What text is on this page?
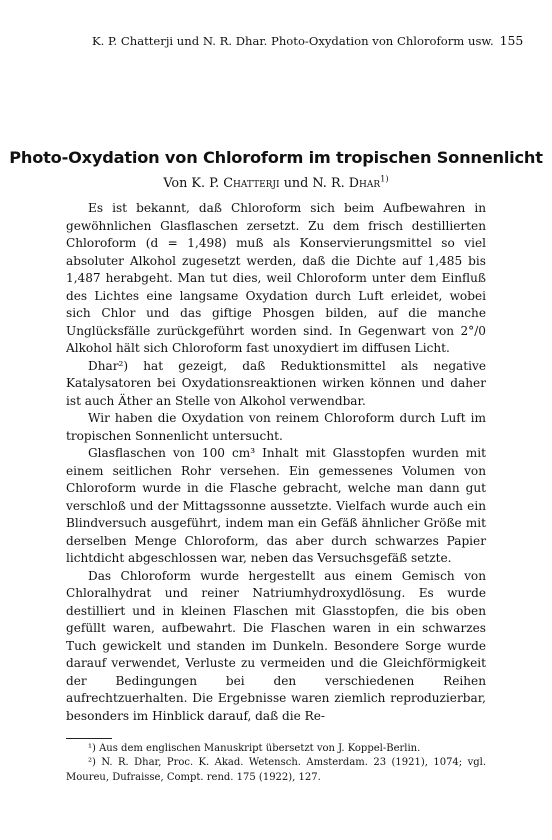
K. P. Chatterji und N. R. Dhar. Photo-Oxydation von Chloroform usw. 155
Photo-Oxydation von Chloroform im tropischen Sonnenlicht
Von K. P. Chatterji und N. R. Dhar$^{1)}$

Es ist bekannt, daß Chloroform sich beim Aufbewahren in gewöhnlichen Glasflaschen zersetzt. Zu dem frisch destillierten Chloroform (d = 1,498) muß als Konservierungsmittel so viel absoluter Alkohol zugesetzt werden, daß die Dichte auf 1,485 bis 1,487 herabgeht. Man tut dies, weil Chloroform unter dem Einfluß des Lichtes eine langsame Oxydation durch Luft erleidet, wobei sich Chlor und das giftige Phosgen bilden, auf die manche Unglücksfälle zurückgeführt worden sind. In Gegenwart von 2°/0 Alkohol hält sich Chloroform fast unoxydiert im diffusen Licht.

Dhar²) hat gezeigt, daß Reduktionsmittel als negative Katalysatoren bei Oxydationsreaktionen wirken können und daher ist auch Äther an Stelle von Alkohol verwendbar.

Wir haben die Oxydation von reinem Chloroform durch Luft im tropischen Sonnenlicht untersucht.

Glasflaschen von 100 cm³ Inhalt mit Glasstopfen wurden mit einem seitlichen Rohr versehen. Ein gemessenes Volumen von Chloroform wurde in die Flasche gebracht, welche man dann gut verschloß und der Mittagssonne aussetzte. Vielfach wurde auch ein Blindversuch ausgeführt, indem man ein Gefäß ähnlicher Größe mit derselben Menge Chloroform, das aber durch schwarzes Papier lichtdicht abgeschlossen war, neben das Versuchsgefäß setzte.

Das Chloroform wurde hergestellt aus einem Gemisch von Chloralhydrat und reiner Natriumhydroxydlösung. Es wurde destilliert und in kleinen Flaschen mit Glasstopfen, die bis oben gefüllt waren, aufbewahrt. Die Flaschen waren in ein schwarzes Tuch gewickelt und standen im Dunkeln. Besondere Sorge wurde darauf verwendet, Verluste zu vermeiden und die Gleichförmigkeit der Bedingungen bei den verschiedenen Reihen aufrechtzuerhalten. Die Ergebnisse waren ziemlich reproduzierbar, besonders im Hinblick darauf, daß die Re-

¹) Aus dem englischen Manuskript übersetzt von J. Koppel-Berlin.
²) N. R. Dhar, Proc. K. Akad. Wetensch. Amsterdam. 23 (1921), 1074; vgl. Moureu, Dufraisse, Compt. rend. 175 (1922), 127.
